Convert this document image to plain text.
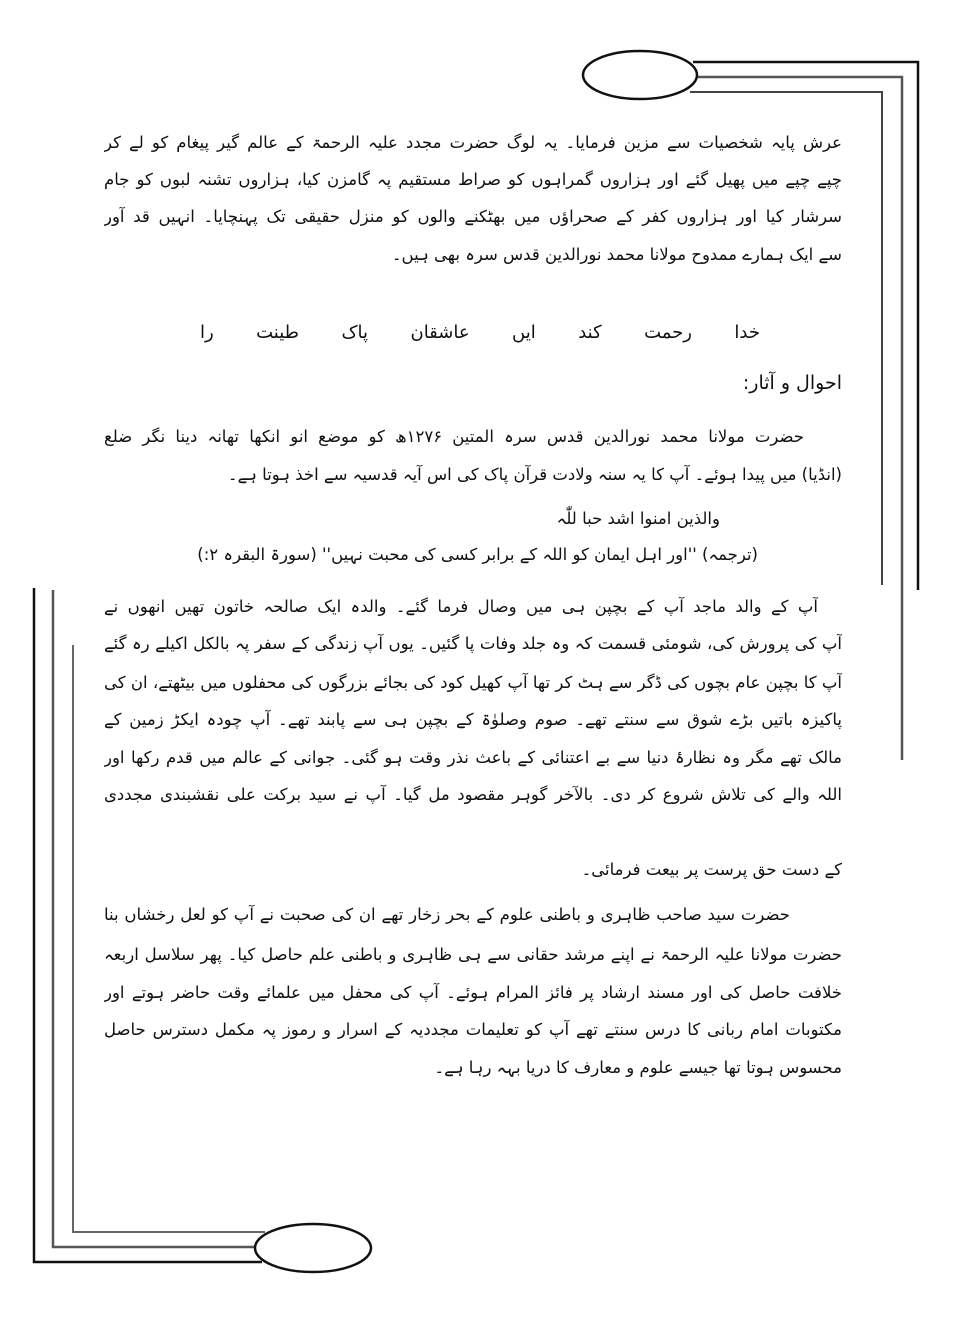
عرش پایہ شخصیات سے مزین فرمایا۔ یہ لوگ حضرت مجدد علیہ الرحمۃ کے عالم گیر پیغام کو لے کر
چپے چپے میں پھیل گئے اور ہزاروں گمراہوں کو صراط مستقیم پہ گامزن کیا، ہزاروں تشنہ لبوں کو جام
سرشار کیا اور ہزاروں کفر کے صحراؤں میں بھٹکنے والوں کو منزل حقیقی تک پہنچایا۔ انہیں قد آور
سے ایک ہمارے ممدوح مولانا محمد نورالدین قدس سرہ بھی ہیں۔
خدا رحمت کند ایں عاشقان پاک طینت را
احوال و آثار:
حضرت مولانا محمد نورالدین قدس سرہ المتین ۱۲۷۶ھ کو موضع انو انکھا تھانہ دینا نگر ضلع
(انڈیا) میں پیدا ہوئے۔ آپ کا یہ سنہ ولادت قرآن پاک کی اس آیہ قدسیہ سے اخذ ہوتا ہے۔
والذین امنوا اشد حبا للّٰہ
(ترجمہ) ''اور اہل ایمان کو اللہ کے برابر کسی کی محبت نہیں'' (سورۃ البقرہ ۲:)
آپ کے والد ماجد آپ کے بچپن ہی میں وصال فرما گئے۔ والدہ ایک صالحہ خاتون تھیں انھوں نے
آپ کی پرورش کی، شومئی قسمت کہ وہ جلد وفات پا گئیں۔ یوں آپ زندگی کے سفر پہ بالکل اکیلے رہ گئے
آپ کا بچپن عام بچوں کی ڈگر سے ہٹ کر تھا آپ کھیل کود کی بجائے بزرگوں کی محفلوں میں بیٹھتے، ان کی
پاکیزہ باتیں بڑے شوق سے سنتے تھے۔ صوم وصلوٰۃ کے بچپن ہی سے پابند تھے۔ آپ چودہ ایکڑ زمین کے
مالک تھے مگر وہ نظارۂ دنیا سے بے اعتنائی کے باعث نذر وقت ہو گئی۔ جوانی کے عالم میں قدم رکھا اور
اللہ والے کی تلاش شروع کر دی۔ بالآخر گوہر مقصود مل گیا۔ آپ نے سید برکت علی نقشبندی مجددی
کے دست حق پرست پر بیعت فرمائی۔
حضرت سید صاحب ظاہری و باطنی علوم کے بحر زخار تھے ان کی صحبت نے آپ کو لعل رخشاں بنا
حضرت مولانا علیہ الرحمۃ نے اپنے مرشد حقانی سے ہی ظاہری و باطنی علم حاصل کیا۔ پھر سلاسل اربعہ
خلافت حاصل کی اور مسند ارشاد پر فائز المرام ہوئے۔ آپ کی محفل میں علمائے وقت حاضر ہوتے اور
مکتوبات امام ربانی کا درس سنتے تھے آپ کو تعلیمات مجددیہ کے اسرار و رموز پہ مکمل دسترس حاصل
محسوس ہوتا تھا جیسے علوم و معارف کا دریا بہہ رہا ہے۔
